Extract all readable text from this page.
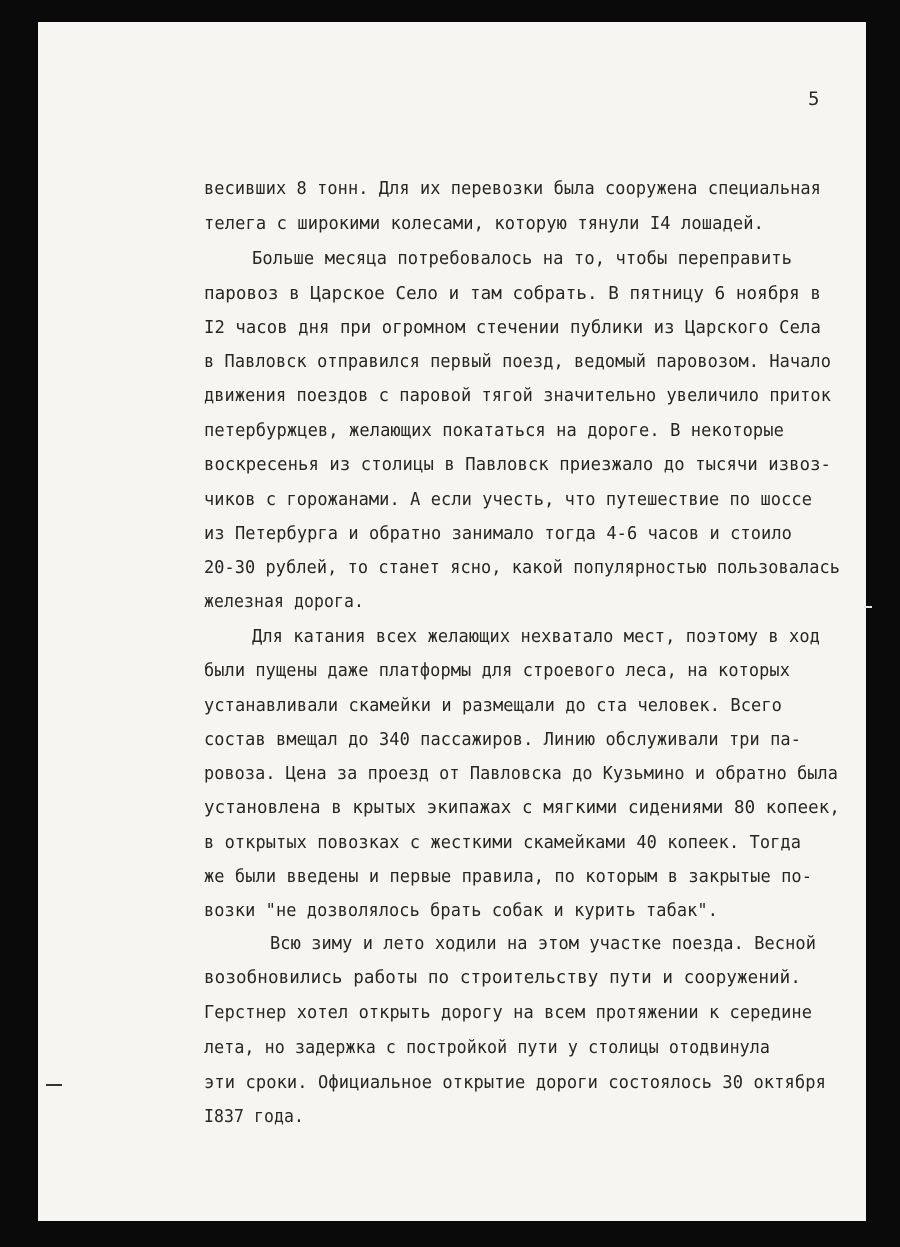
5
весивших 8 тонн. Для их перевозки была сооружена специальная
телега с широкими колесами, которую тянули I4 лошадей.
Больше месяца потребовалось на то, чтобы переправить
паровоз в Царское Село и там собрать. В пятницу 6 ноября в
I2 часов дня при огромном стечении публики из Царского Села
в Павловск отправился первый поезд, ведомый паровозом. Начало
движения поездов с паровой тягой значительно увеличило приток
петербуржцев, желающих покататься на дороге. В некоторые
воскресенья из столицы в Павловск приезжало до тысячи извоз-
чиков с горожанами. А если учесть, что путешествие по шоссе
из Петербурга и обратно занимало тогда 4-6 часов и стоило
20-30 рублей, то станет ясно, какой популярностью пользовалась
железная дорога.
Для катания всех желающих нехватало мест, поэтому в ход
были пущены даже платформы для строевого леса, на которых
устанавливали скамейки и размещали до ста человек. Всего
состав вмещал до 340 пассажиров. Линию обслуживали три па-
ровоза. Цена за проезд от Павловска до Кузьмино и обратно была
установлена в крытых экипажах с мягкими сидениями 80 копеек,
в открытых повозках с жесткими скамейками 40 копеек. Тогда
же были введены и первые правила, по которым в закрытые по-
возки "не дозволялось брать собак и курить табак".
Всю зиму и лето ходили на этом участке поезда. Весной
возобновились работы по строительству пути и сооружений.
Герстнер хотел открыть дорогу на всем протяжении к середине
лета, но задержка с постройкой пути у столицы отодвинула
эти сроки. Официальное открытие дороги состоялось 30 октября
I837 года.
